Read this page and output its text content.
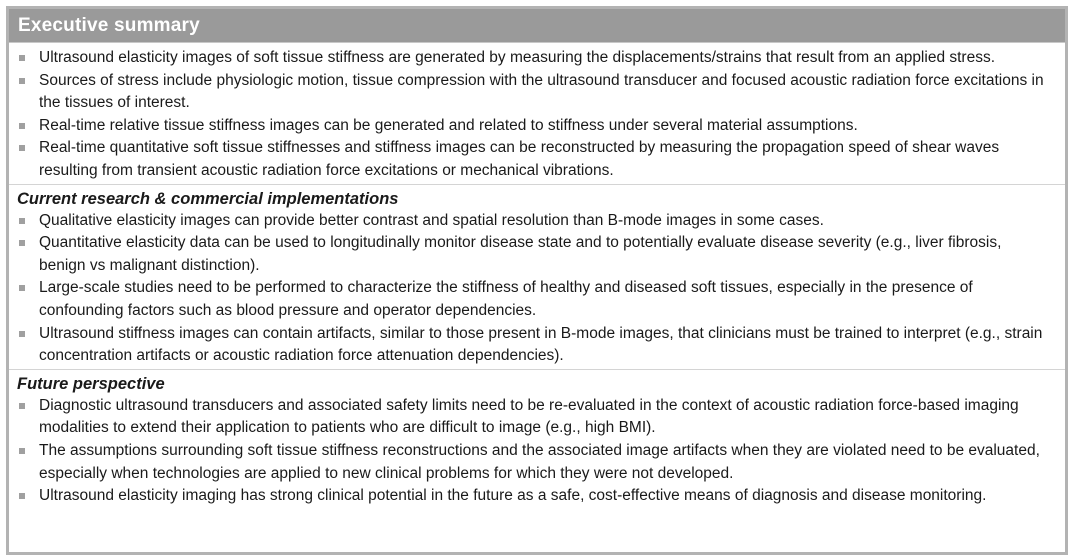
Executive summary
Ultrasound elasticity images of soft tissue stiffness are generated by measuring the displacements/strains that result from an applied stress.
Sources of stress include physiologic motion, tissue compression with the ultrasound transducer and focused acoustic radiation force excitations in the tissues of interest.
Real-time relative tissue stiffness images can be generated and related to stiffness under several material assumptions.
Real-time quantitative soft tissue stiffnesses and stiffness images can be reconstructed by measuring the propagation speed of shear waves resulting from transient acoustic radiation force excitations or mechanical vibrations.
Current research & commercial implementations
Qualitative elasticity images can provide better contrast and spatial resolution than B-mode images in some cases.
Quantitative elasticity data can be used to longitudinally monitor disease state and to potentially evaluate disease severity (e.g., liver fibrosis, benign vs malignant distinction).
Large-scale studies need to be performed to characterize the stiffness of healthy and diseased soft tissues, especially in the presence of confounding factors such as blood pressure and operator dependencies.
Ultrasound stiffness images can contain artifacts, similar to those present in B-mode images, that clinicians must be trained to interpret (e.g., strain concentration artifacts or acoustic radiation force attenuation dependencies).
Future perspective
Diagnostic ultrasound transducers and associated safety limits need to be re-evaluated in the context of acoustic radiation force-based imaging modalities to extend their application to patients who are difficult to image (e.g., high BMI).
The assumptions surrounding soft tissue stiffness reconstructions and the associated image artifacts when they are violated need to be evaluated, especially when technologies are applied to new clinical problems for which they were not developed.
Ultrasound elasticity imaging has strong clinical potential in the future as a safe, cost-effective means of diagnosis and disease monitoring.
